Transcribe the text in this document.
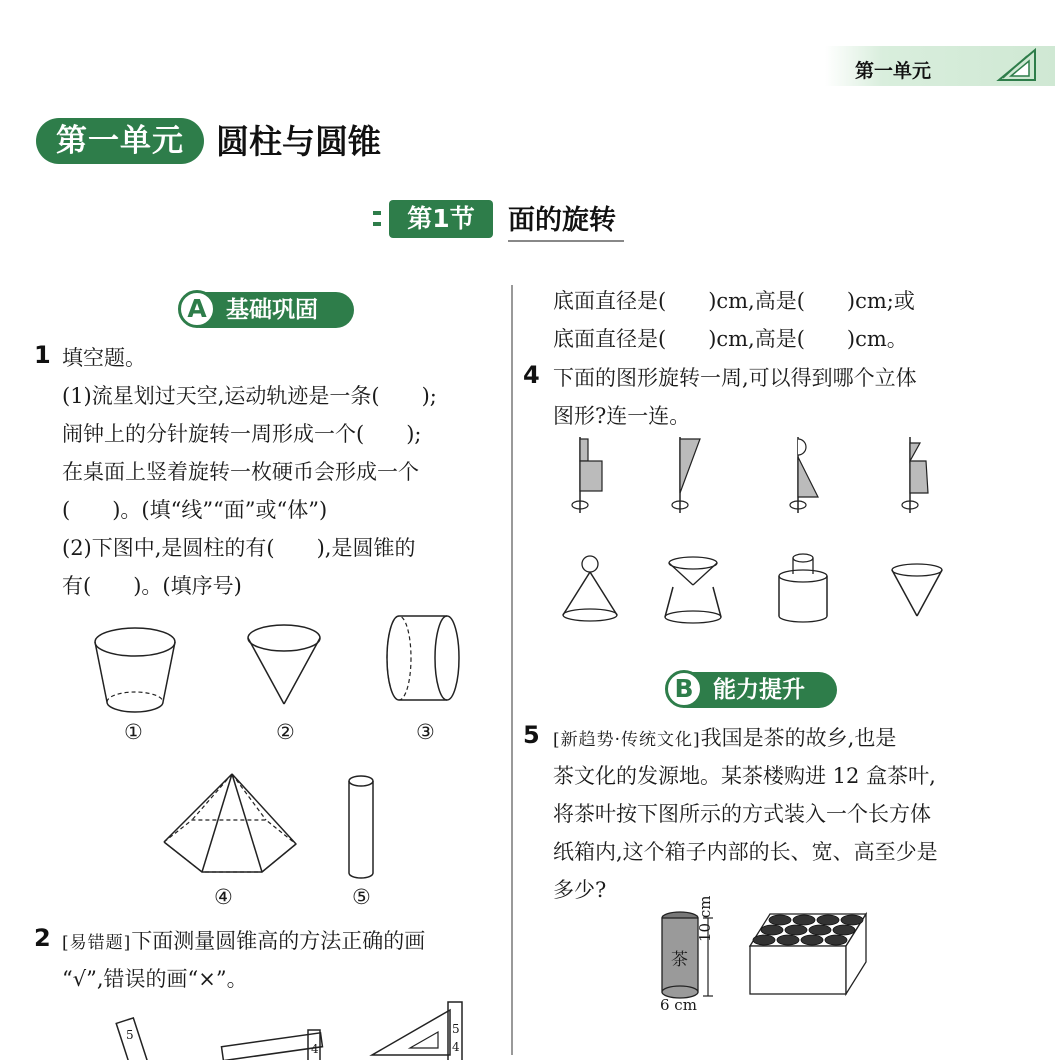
第一单元
第一单元 圆柱与圆锥
第1节	面的旋转
A 基础巩固
1 填空题。
(1)流星划过天空,运动轨迹是一条(　　);
闹钟上的分针旋转一周形成一个(　　);
在桌面上竖着旋转一枚硬币会形成一个
(　　)。(填“线”“面”或“体”)
(2)下图中,是圆柱的有(　　),是圆锥的
有(　　)。(填序号)
①	②	③
④	⑤
2 [易错题]下面测量圆锥高的方法正确的画
“√”,错误的画“×”。
5
4
5
4
底面直径是(　　)cm,高是(　　)cm;或
底面直径是(　　)cm,高是(　　)cm。
4 下面的图形旋转一周,可以得到哪个立体
图形?连一连。
B 能力提升
5 [新趋势·传统文化]我国是茶的故乡,也是
茶文化的发源地。某茶楼购进 12 盒茶叶,
将茶叶按下图所示的方式装入一个长方体
纸箱内,这个箱子内部的长、宽、高至少是
多少?
茶
10 cm
6 cm
